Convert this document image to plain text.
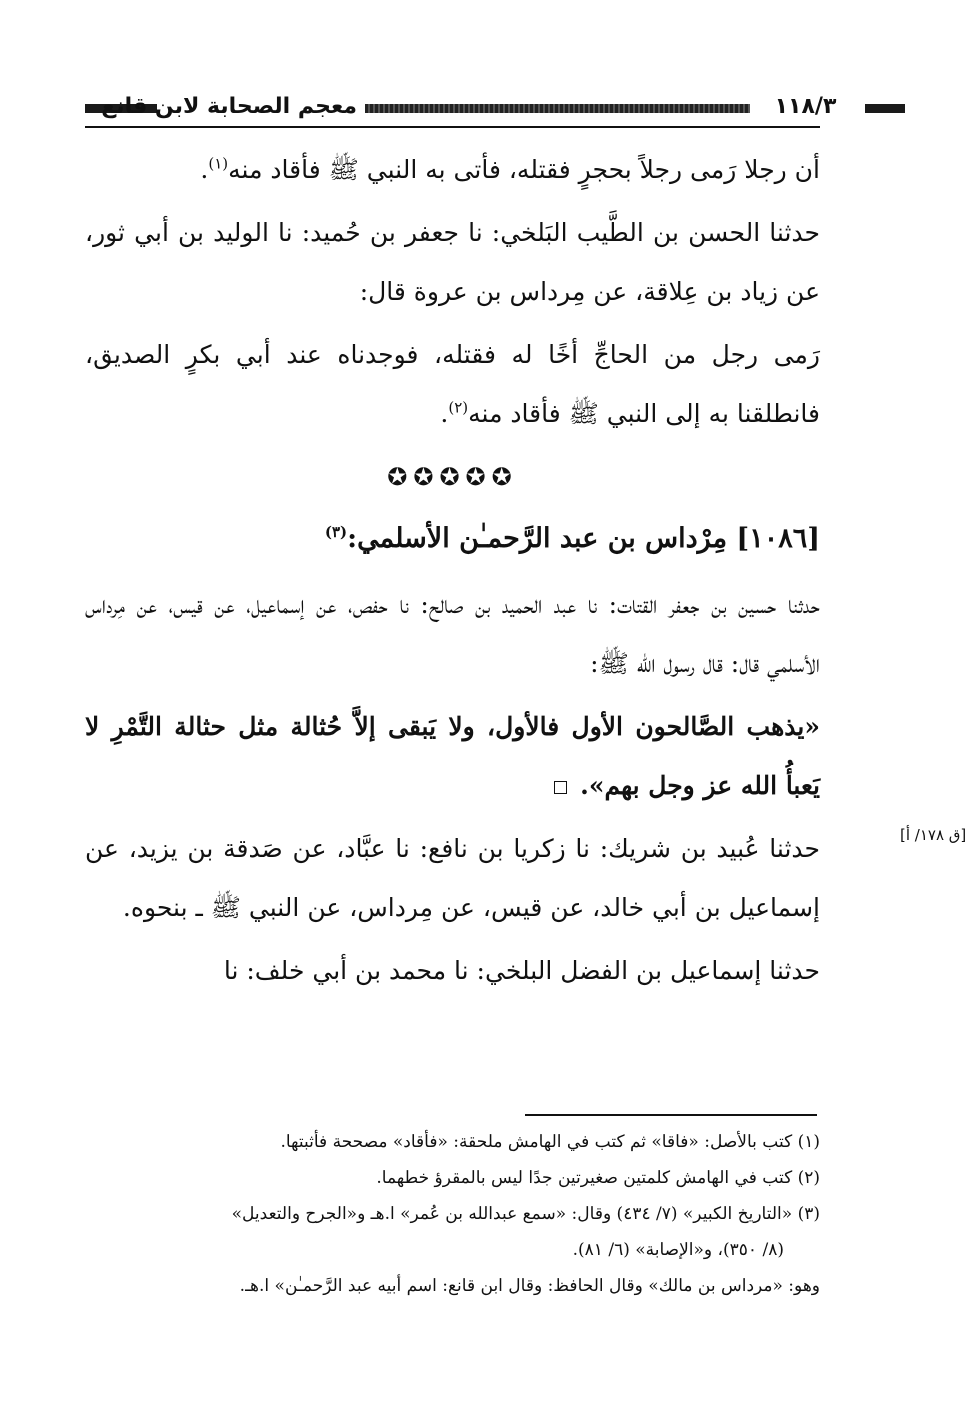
معجم الصحابة لابن قانع	١١٨/٣

أن رجلا رَمى رجلاً بحجرٍ فقتله، فأتى به النبي ﷺ فأقاد منه$^{(١)}$.

حدثنا الحسن بن الطَّيب البَلخي: نا جعفر بن حُميد: نا الوليد بن أبي ثور، عن زياد بن عِلاقة، عن مِرداس بن عروة قال:

رَمى رجل من الحاجِّ أخًا له فقتله، فوجدناه عند أبي بكرٍ الصديق، فانطلقنا به إلى النبي ﷺ فأقاد منه$^{(٢)}$.

✪✪✪✪✪
[١٠٨٦] مِرْداس بن عبد الرَّحمـٰن الأسلمي:$^{(٣)}$

حدثنا حسين بن جعفر القتات: نا عبد الحميد بن صالح: نا حفص، عن إسماعيل، عن قيس، عن مِرداس الأسلمي قال: قال رسول الله ﷺ:

«يذهب الصَّالحون الأول فالأول، ولا يَبقى إلاَّ حُثالة مثل حثالة التَّمْرِ لا يَعبأُ الله عز وجل بهم».

حدثنا عُبيد بن شريك: نا زكريا بن نافع: نا عبَّاد، عن صَدقة بن يزيد، عن إسماعيل بن أبي خالد، عن قيس، عن مِرداس، عن النبي ﷺ ـ بنحوه.

حدثنا إسماعيل بن الفضل البلخي: نا محمد بن أبي خلف: نا

[ق ١٧٨/ أ]

(١) كتب بالأصل: «فاقا» ثم كتب في الهامش ملحقة: «فأقاد» مصححة فأثبتها.

(٢) كتب في الهامش كلمتين صغيرتين جدًا ليس بالمقرؤ خطهما.

(٣) «التاريخ الكبير» (٧/ ٤٣٤) وقال: «سمع عبدالله بن عُمر» ا.هـ و«الجرح والتعديل»

(٨/ ٣٥٠)، و«الإصابة» (٦/ ٨١).

وهو: «مرداس بن مالك» وقال الحافظ: وقال ابن قانع: اسم أبيه عبد الرَّحمـٰن» ا.هـ.
